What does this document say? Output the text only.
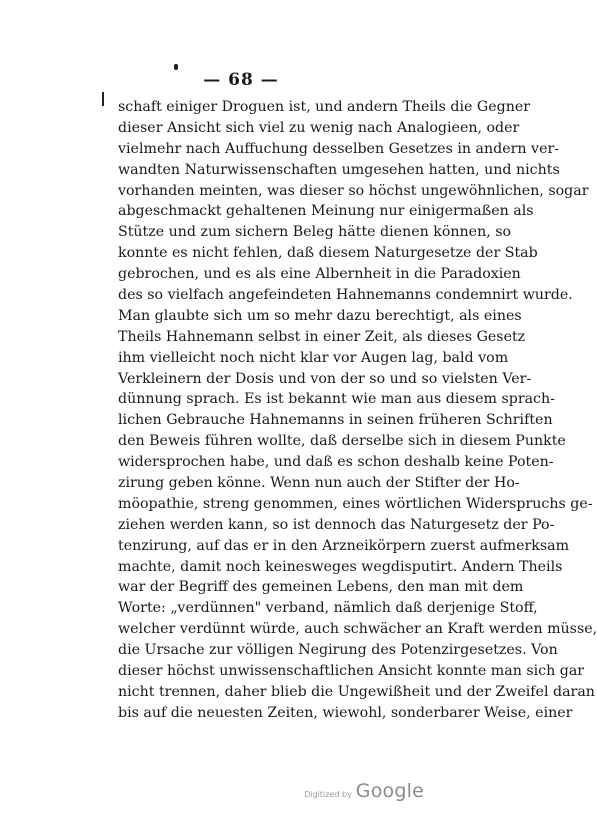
— 68 —
schaft einiger Droguen ist, und andern Theils die Gegner
dieser Ansicht sich viel zu wenig nach Analogieen, oder
vielmehr nach Auffuchung desselben Gesetzes in andern ver-
wandten Naturwissenschaften umgesehen hatten, und nichts
vorhanden meinten, was dieser so höchst ungewöhnlichen, sogar
abgeschmackt gehaltenen Meinung nur einigermaßen als
Stütze und zum sichern Beleg hätte dienen können, so
konnte es nicht fehlen, daß diesem Naturgesetze der Stab
gebrochen, und es als eine Albernheit in die Paradoxien
des so vielfach angefeindeten Hahnemanns condemnirt wurde.
Man glaubte sich um so mehr dazu berechtigt, als eines
Theils Hahnemann selbst in einer Zeit, als dieses Gesetz
ihm vielleicht noch nicht klar vor Augen lag, bald vom
Verkleinern der Dosis und von der so und so vielsten Ver-
dünnung sprach. Es ist bekannt wie man aus diesem sprach-
lichen Gebrauche Hahnemanns in seinen früheren Schriften
den Beweis führen wollte, daß derselbe sich in diesem Punkte
widersprochen habe, und daß es schon deshalb keine Poten-
zirung geben könne. Wenn nun auch der Stifter der Ho-
möopathie, streng genommen, eines wörtlichen Widerspruchs ge-
ziehen werden kann, so ist dennoch das Naturgesetz der Po-
tenzirung, auf das er in den Arzneikörpern zuerst aufmerksam
machte, damit noch keinesweges wegdisputirt. Andern Theils
war der Begriff des gemeinen Lebens, den man mit dem
Worte: „verdünnen" verband, nämlich daß derjenige Stoff,
welcher verdünnt würde, auch schwächer an Kraft werden müsse,
die Ursache zur völligen Negirung des Potenzirgesetzes. Von
dieser höchst unwissenschaftlichen Ansicht konnte man sich gar
nicht trennen, daher blieb die Ungewißheit und der Zweifel daran
bis auf die neuesten Zeiten, wiewohl, sonderbarer Weise, einer
Digitized by Google
